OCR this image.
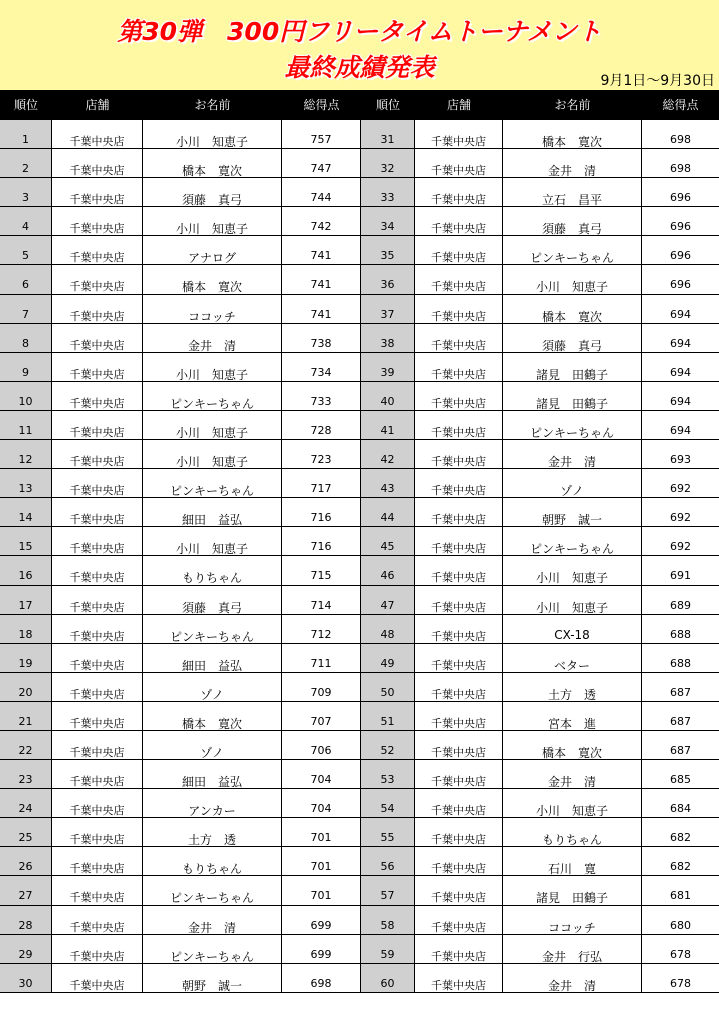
第30弾　300円フリータイムトーナメント
最終成績発表	9月1日～9月30日
順位	店舗	お名前	総得点	順位	店舗	お名前	総得点
1	千葉中央店	小川　知恵子	757	31	千葉中央店	橋本　寛次	698
2	千葉中央店	橋本　寛次	747	32	千葉中央店	金井　清	698
3	千葉中央店	須藤　真弓	744	33	千葉中央店	立石　昌平	696
4	千葉中央店	小川　知恵子	742	34	千葉中央店	須藤　真弓	696
5	千葉中央店	アナログ	741	35	千葉中央店	ピンキーちゃん	696
6	千葉中央店	橋本　寛次	741	36	千葉中央店	小川　知恵子	696
7	千葉中央店	ココッチ	741	37	千葉中央店	橋本　寛次	694
8	千葉中央店	金井　清	738	38	千葉中央店	須藤　真弓	694
9	千葉中央店	小川　知恵子	734	39	千葉中央店	諸見　田鶴子	694
10	千葉中央店	ピンキーちゃん	733	40	千葉中央店	諸見　田鶴子	694
11	千葉中央店	小川　知恵子	728	41	千葉中央店	ピンキーちゃん	694
12	千葉中央店	小川　知恵子	723	42	千葉中央店	金井　清	693
13	千葉中央店	ピンキーちゃん	717	43	千葉中央店	ゾノ	692
14	千葉中央店	細田　益弘	716	44	千葉中央店	朝野　誠一	692
15	千葉中央店	小川　知恵子	716	45	千葉中央店	ピンキーちゃん	692
16	千葉中央店	もりちゃん	715	46	千葉中央店	小川　知恵子	691
17	千葉中央店	須藤　真弓	714	47	千葉中央店	小川　知恵子	689
18	千葉中央店	ピンキーちゃん	712	48	千葉中央店	CX-18	688
19	千葉中央店	細田　益弘	711	49	千葉中央店	ベター	688
20	千葉中央店	ゾノ	709	50	千葉中央店	土方　透	687
21	千葉中央店	橋本　寛次	707	51	千葉中央店	宮本　進	687
22	千葉中央店	ゾノ	706	52	千葉中央店	橋本　寛次	687
23	千葉中央店	細田　益弘	704	53	千葉中央店	金井　清	685
24	千葉中央店	アンカー	704	54	千葉中央店	小川　知恵子	684
25	千葉中央店	土方　透	701	55	千葉中央店	もりちゃん	682
26	千葉中央店	もりちゃん	701	56	千葉中央店	石川　寛	682
27	千葉中央店	ピンキーちゃん	701	57	千葉中央店	諸見　田鶴子	681
28	千葉中央店	金井　清	699	58	千葉中央店	ココッチ	680
29	千葉中央店	ピンキーちゃん	699	59	千葉中央店	金井　行弘	678
30	千葉中央店	朝野　誠一	698	60	千葉中央店	金井　清	678
